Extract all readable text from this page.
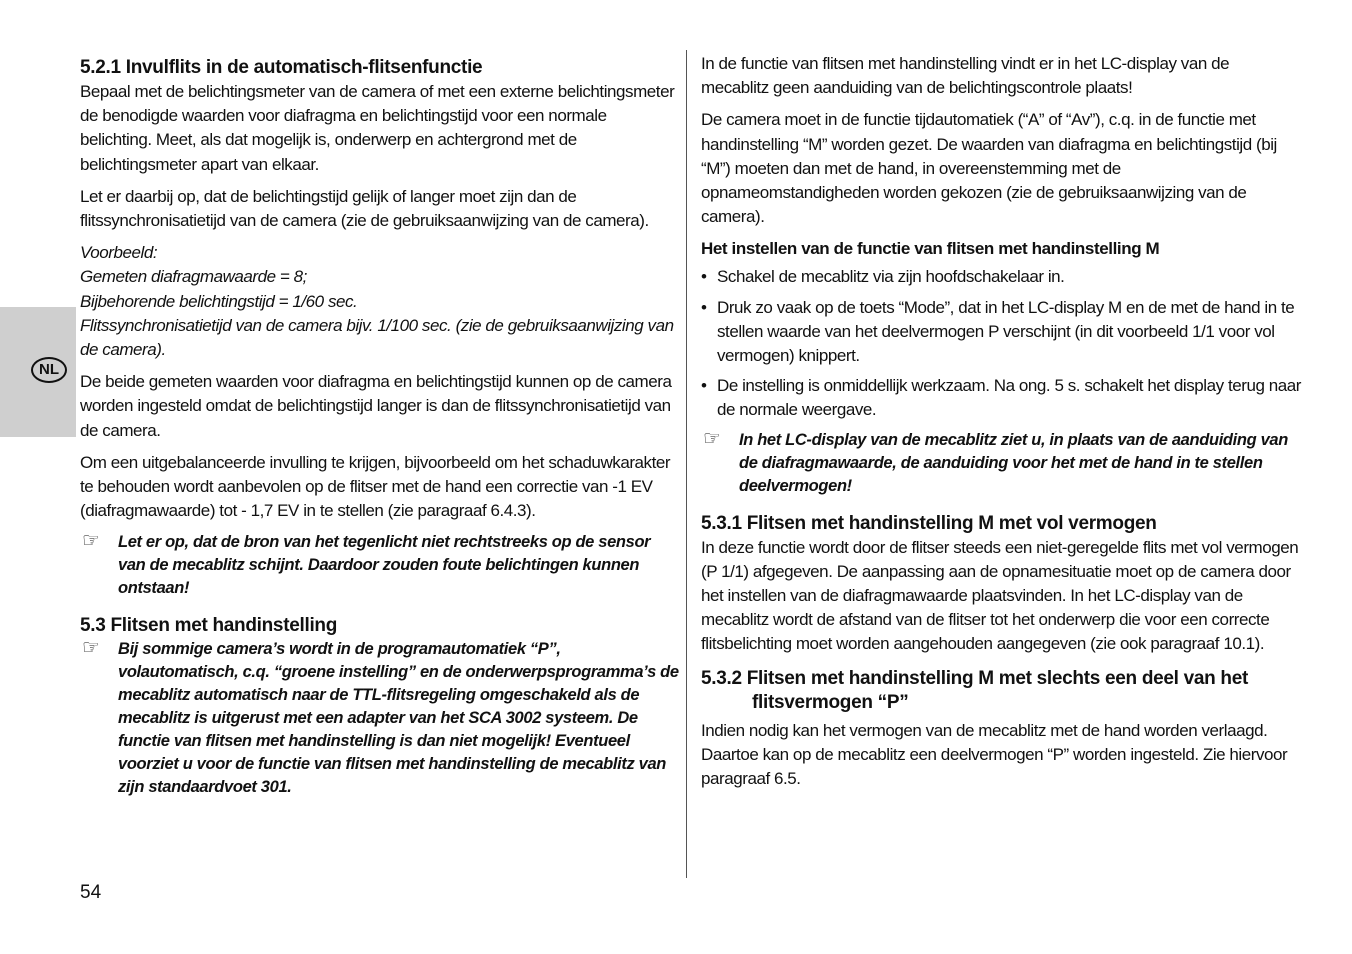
NL
5.2.1 Invulflits in de automatisch-flitsenfunctie

Bepaal met de belichtingsmeter van de camera of met een externe belichtingsmeter de benodigde waarden voor diafragma en belichtingstijd voor een normale belichting. Meet, als dat mogelijk is, onderwerp en achtergrond met de belichtingsmeter apart van elkaar.

Let er daarbij op, dat de belichtingstijd gelijk of langer moet zijn dan de flitssynchronisatietijd van de camera (zie de gebruiksaanwijzing van de camera).

Voorbeeld:
Gemeten diafragmawaarde = 8;
Bijbehorende belichtingstijd = 1/60 sec.
Flitssynchronisatietijd van de camera bijv. 1/100 sec. (zie de gebruiksaanwijzing van de camera).

De beide gemeten waarden voor diafragma en belichtingstijd kunnen op de camera worden ingesteld omdat de belichtingstijd langer is dan de flitssynchronisatietijd van de camera.

Om een uitgebalanceerde invulling te krijgen, bijvoorbeeld om het schaduwkarakter te behouden wordt aanbevolen op de flitser met de hand een correctie van -1 EV (diafragmawaarde) tot - 1,7 EV in te stellen (zie paragraaf 6.4.3).

☞ Let er op, dat de bron van het tegenlicht niet rechtstreeks op de sensor van de mecablitz schijnt. Daardoor zouden foute belichtingen kunnen ontstaan!
5.3 Flitsen met handinstelling
☞ Bij sommige camera’s wordt in de programautomatiek “P”, volautomatisch, c.q. “groene instelling” en de onderwerpsprogramma’s de mecablitz automatisch naar de TTL-flitsregeling omgeschakeld als de mecablitz is uitgerust met een adapter van het SCA 3002 systeem. De functie van flitsen met handinstelling is dan niet mogelijk! Eventueel voorziet u voor de functie van flitsen met handinstelling de mecablitz van zijn standaardvoet 301.

In de functie van flitsen met handinstelling vindt er in het LC-display van de mecablitz geen aanduiding van de belichtingscontrole plaats!

De camera moet in de functie tijdautomatiek (“A” of “Av”), c.q. in de functie met handinstelling “M” worden gezet. De waarden van diafragma en belichtingstijd (bij “M”) moeten dan met de hand, in overeenstemming met de opnameomstandigheden worden gekozen (zie de gebruiksaanwijzing van de camera).

Het instellen van de functie van flitsen met handinstelling M
• Schakel de mecablitz via zijn hoofdschakelaar in.
• Druk zo vaak op de toets “Mode”, dat in het LC-display M en de met de hand in te stellen waarde van het deelvermogen P verschijnt (in dit voorbeeld 1/1 voor vol vermogen) knippert.
• De instelling is onmiddellijk werkzaam. Na ong. 5 s. schakelt het display terug naar de normale weergave.
☞ In het LC-display van de mecablitz ziet u, in plaats van de aanduiding van de diafragmawaarde, de aanduiding voor het met de hand in te stellen deelvermogen!
5.3.1 Flitsen met handinstelling M met vol vermogen

In deze functie wordt door de flitser steeds een niet-geregelde flits met vol vermogen (P 1/1) afgegeven. De aanpassing aan de opnamesituatie moet op de camera door het instellen van de diafragmawaarde plaatsvinden. In het LC-display van de mecablitz wordt de afstand van de flitser tot het onderwerp die voor een correcte flitsbelichting moet worden aangehouden aangegeven (zie ook paragraaf 10.1).

5.3.2 Flitsen met handinstelling M met slechts een deel van het flitsvermogen “P”

Indien nodig kan het vermogen van de mecablitz met de hand worden verlaagd. Daartoe kan op de mecablitz een deelvermogen “P” worden ingesteld. Zie hiervoor paragraaf 6.5.

54
